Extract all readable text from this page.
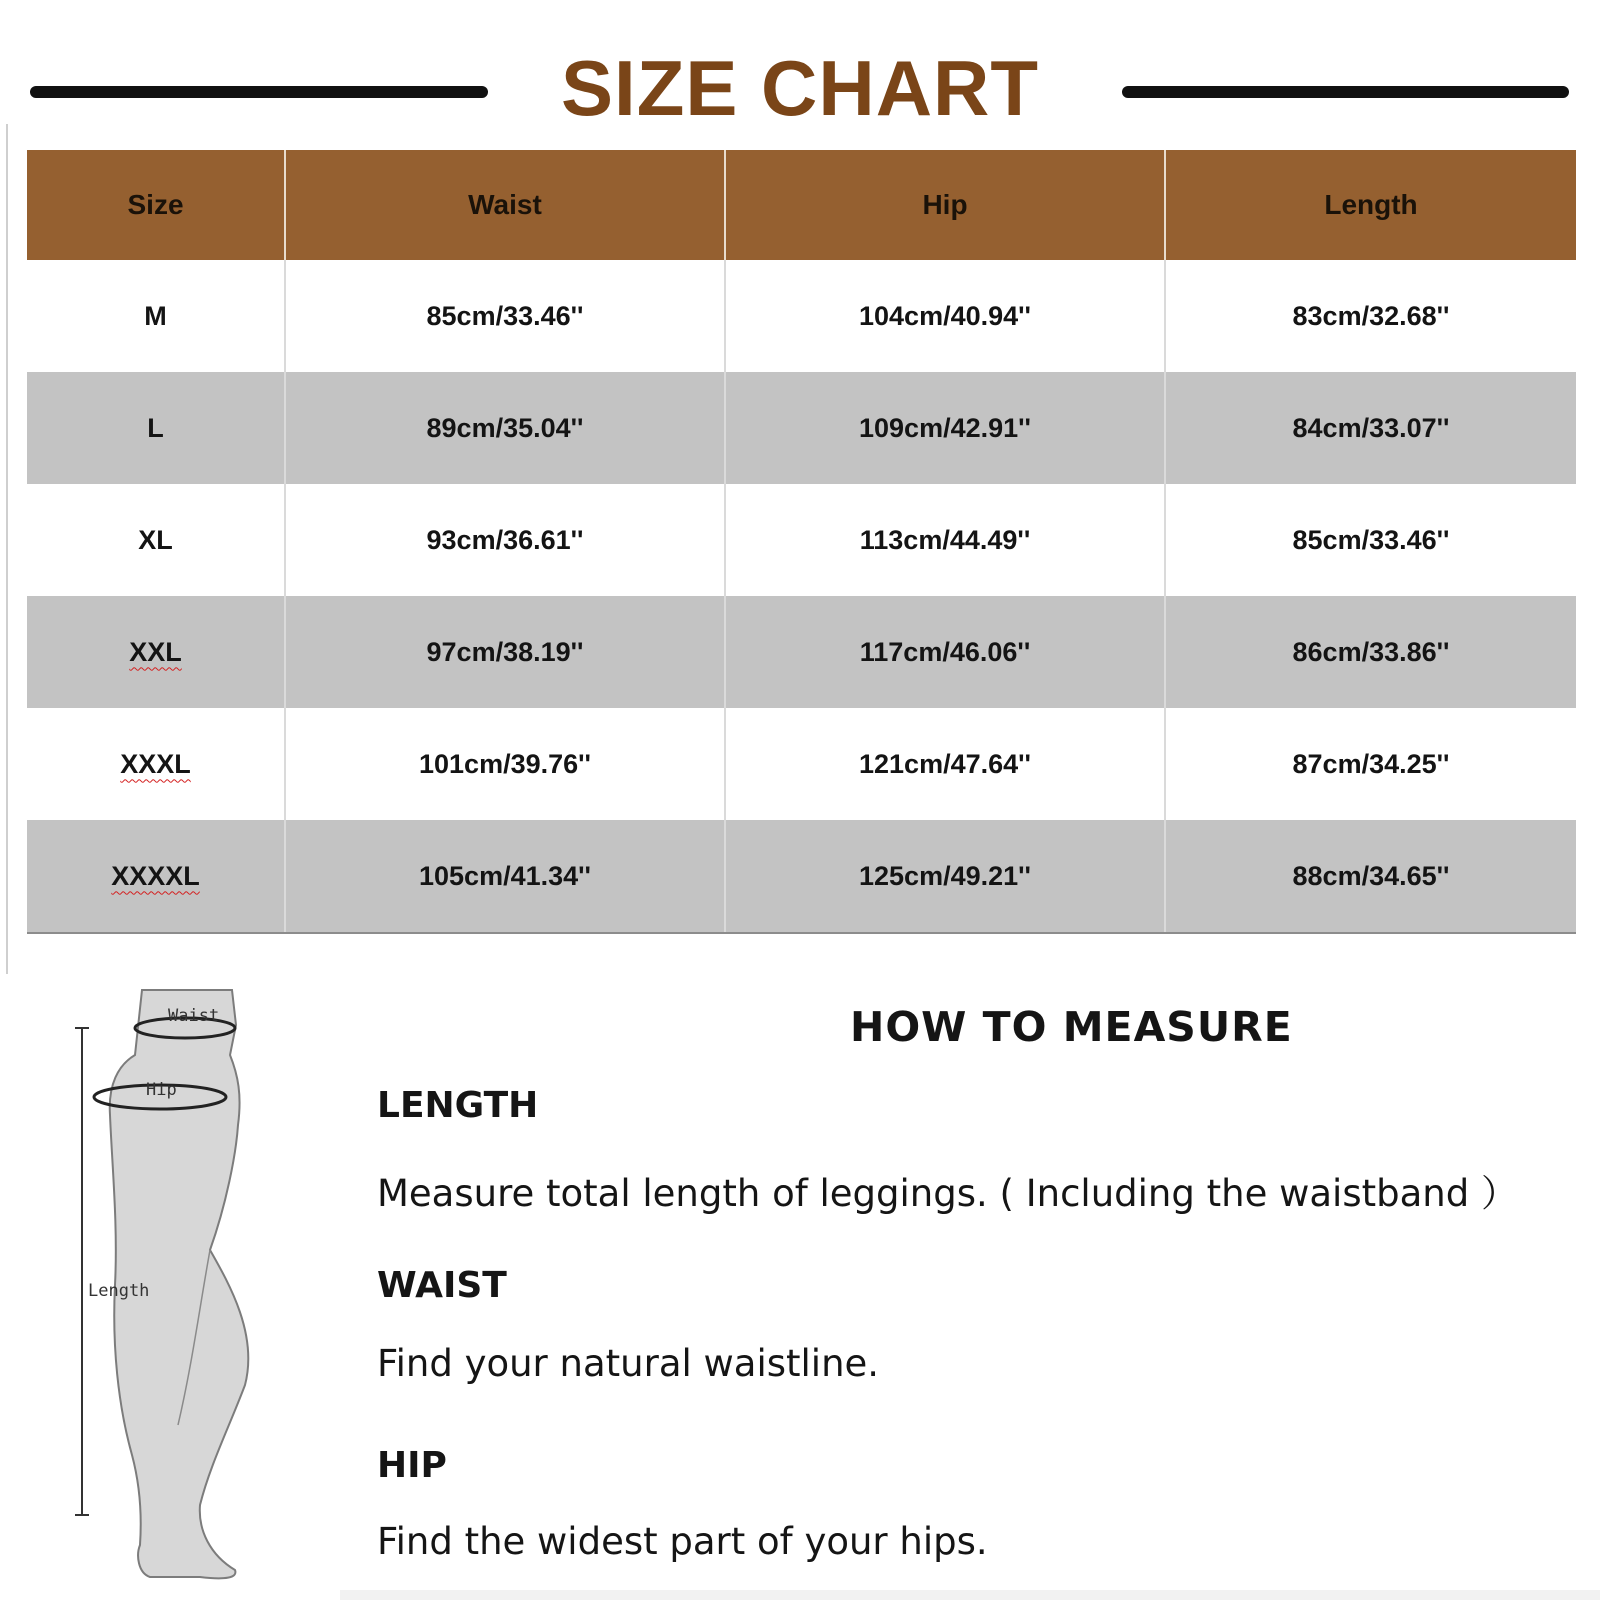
SIZE CHART
Size	Waist	Hip	Length
M	85cm/33.46''	104cm/40.94''	83cm/32.68''
L	89cm/35.04''	109cm/42.91''	84cm/33.07''
XL	93cm/36.61''	113cm/44.49''	85cm/33.46''
XXL	97cm/38.19''	117cm/46.06''	86cm/33.86''
XXXL	101cm/39.76''	121cm/47.64''	87cm/34.25''
XXXXL	105cm/41.34''	125cm/49.21''	88cm/34.65''
Waist
Hip
Length
HOW TO MEASURE
LENGTH
Measure total length of leggings. ( Including the waistband ）
WAIST
Find your natural waistline.
HIP
Find the widest part of your hips.
